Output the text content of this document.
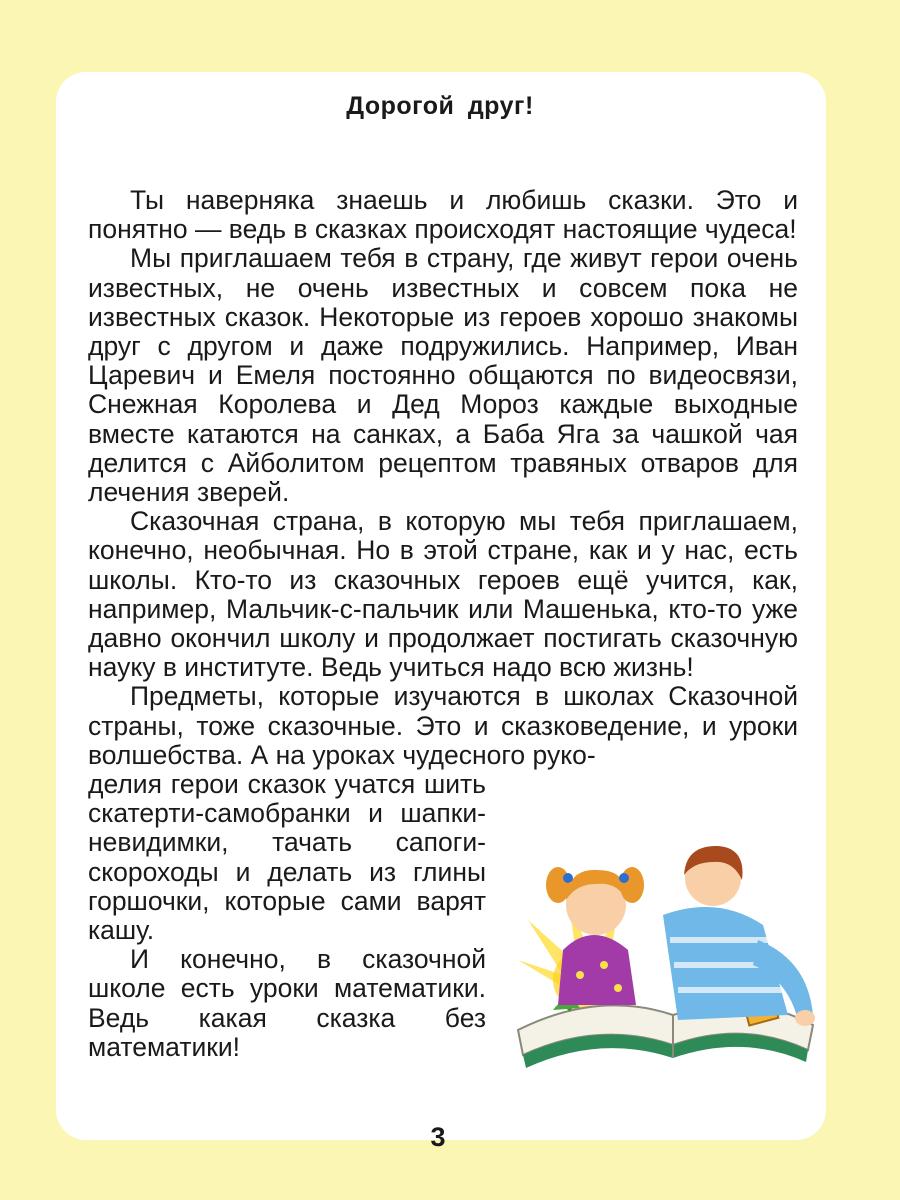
Дорогой друг!

Ты наверняка знаешь и любишь сказки. Это и понятно — ведь в сказках происходят настоящие чудеса!

Мы приглашаем тебя в страну, где живут герои очень известных, не очень известных и совсем пока не известных сказок. Некоторые из героев хорошо знакомы друг с другом и даже подружились. Например, Иван Царевич и Емеля постоянно общаются по видеосвязи, Снежная Королева и Дед Мороз каждые выходные вместе катаются на санках, а Баба Яга за чашкой чая делится с Айболитом рецептом травяных отваров для лечения зверей.

Сказочная страна, в которую мы тебя приглашаем, конечно, необычная. Но в этой стране, как и у нас, есть школы. Кто-то из сказочных героев ещё учится, как, например, Мальчик-с-пальчик или Машенька, кто-то уже давно окончил школу и продолжает постигать сказочную науку в институте. Ведь учиться надо всю жизнь!

Предметы, которые изучаются в школах Сказочной страны, тоже сказочные. Это и сказковедение, и уроки волшебства. А на уроках чудесного руко-

делия герои сказок учатся шить скатерти-самобранки и шапки-невидимки, тачать сапоги-скороходы и делать из глины горшочки, которые сами варят кашу.

И конечно, в сказочной школе есть уроки математики. Ведь какая сказка без математики!

3
